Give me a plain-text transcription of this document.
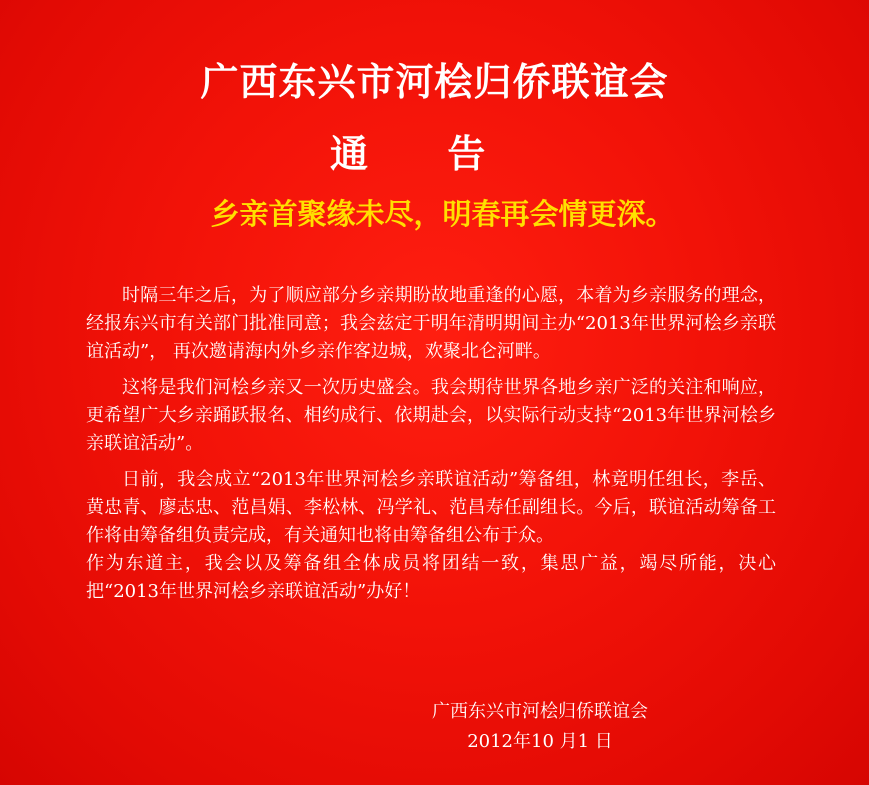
广西东兴市河桧归侨联谊会
通      告
乡亲首聚缘未尽，明春再会情更深。

时隔三年之后，为了顺应部分乡亲期盼故地重逢的心愿，本着为乡亲服务的理念，经报东兴市有关部门批准同意；我会兹定于明年清明期间主办“2013年世界河桧乡亲联谊活动”， 再次邀请海内外乡亲作客边城，欢聚北仑河畔。

这将是我们河桧乡亲又一次历史盛会。我会期待世界各地乡亲广泛的关注和响应，更希望广大乡亲踊跃报名、相约成行、依期赴会，以实际行动支持“2013年世界河桧乡亲联谊活动”。

日前，我会成立“2013年世界河桧乡亲联谊活动”筹备组，林竟明任组长，李岳、黄忠青、廖志忠、范昌娟、李松林、冯学礼、范昌寿任副组长。今后，联谊活动筹备工作将由筹备组负责完成，有关通知也将由筹备组公布于众。

作为东道主，我会以及筹备组全体成员将团结一致，集思广益，竭尽所能，决心把“2013年世界河桧乡亲联谊活动”办好！

广西东兴市河桧归侨联谊会
2012年10 月1 日
